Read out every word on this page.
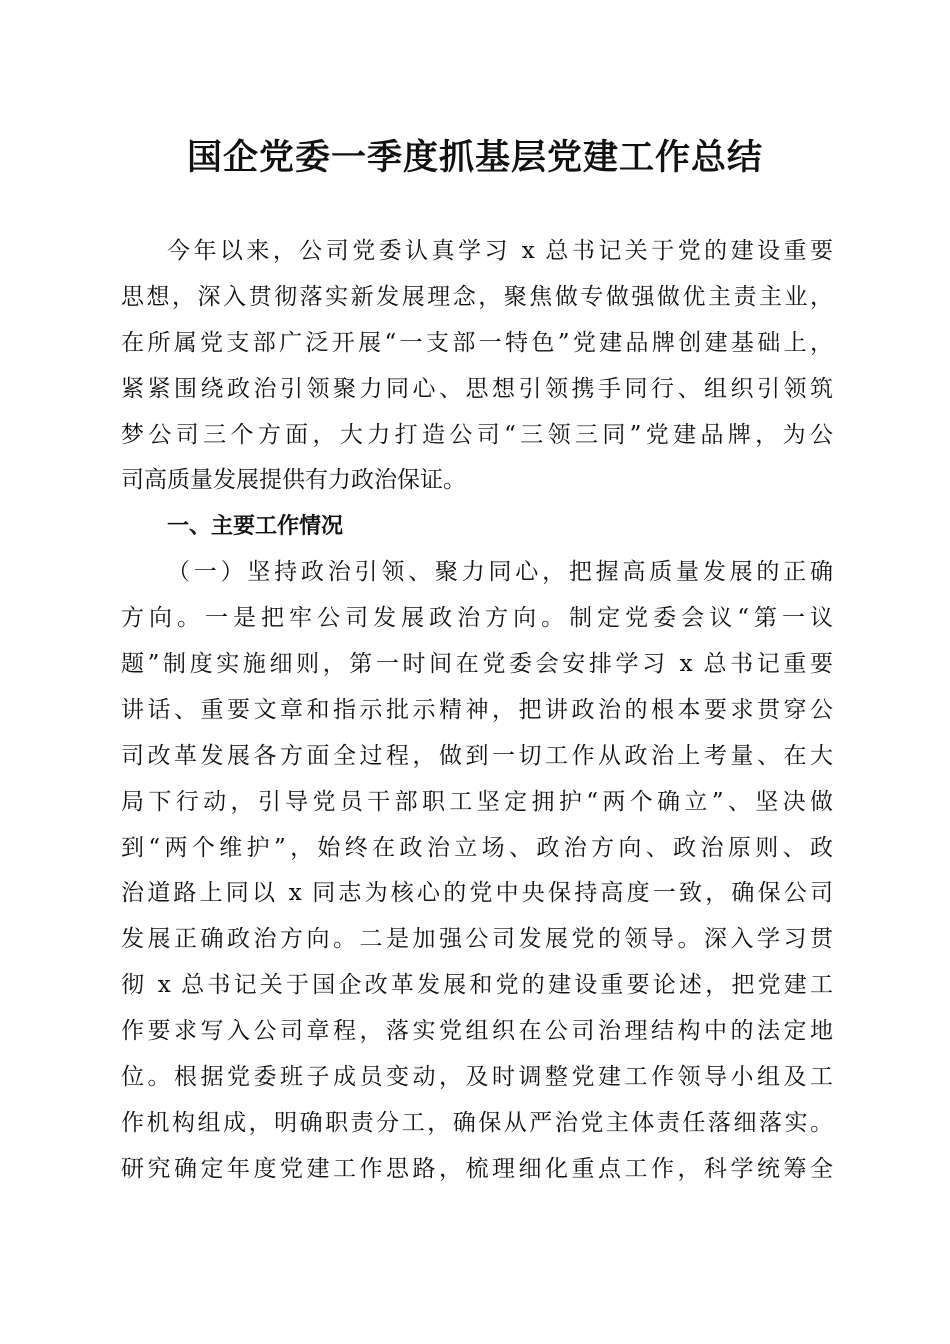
国企党委一季度抓基层党建工作总结
今年以来，公司党委认真学习 x 总书记关于党的建设重要
思想，深入贯彻落实新发展理念，聚焦做专做强做优主责主业，
在所属党支部广泛开展“一支部一特色”党建品牌创建基础上，
紧紧围绕政治引领聚力同心、思想引领携手同行、组织引领筑
梦公司三个方面，大力打造公司“三领三同”党建品牌，为公
司高质量发展提供有力政治保证。
一、主要工作情况
（一）坚持政治引领、聚力同心，把握高质量发展的正确
方向。一是把牢公司发展政治方向。制定党委会议“第一议
题”制度实施细则，第一时间在党委会安排学习 x 总书记重要
讲话、重要文章和指示批示精神，把讲政治的根本要求贯穿公
司改革发展各方面全过程，做到一切工作从政治上考量、在大
局下行动，引导党员干部职工坚定拥护“两个确立”、坚决做
到“两个维护”，始终在政治立场、政治方向、政治原则、政
治道路上同以 x 同志为核心的党中央保持高度一致，确保公司
发展正确政治方向。二是加强公司发展党的领导。深入学习贯
彻 x 总书记关于国企改革发展和党的建设重要论述，把党建工
作要求写入公司章程，落实党组织在公司治理结构中的法定地
位。根据党委班子成员变动，及时调整党建工作领导小组及工
作机构组成，明确职责分工，确保从严治党主体责任落细落实。
研究确定年度党建工作思路，梳理细化重点工作，科学统筹全
